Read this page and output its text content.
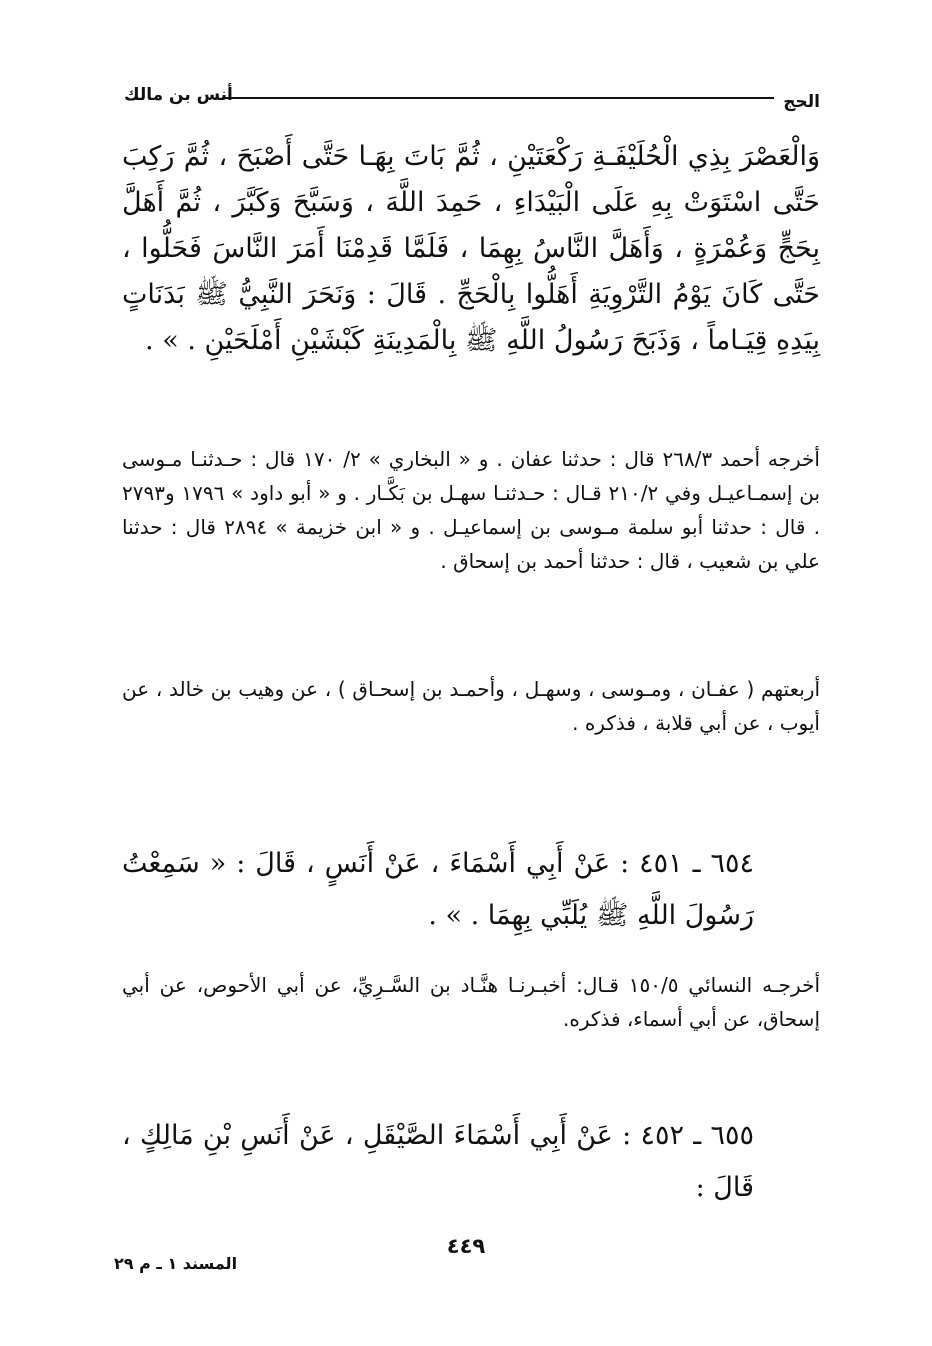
الحج
أنس بن مالك

وَالْعَصْرَ بِذِي الْحُلَيْفَـةِ رَكْعَتَيْنِ ، ثُمَّ بَاتَ بِهَـا حَتَّى أَصْبَحَ ، ثُمَّ رَكِبَ حَتَّى اسْتَوَتْ بِهِ عَلَى الْبَيْدَاءِ ، حَمِدَ اللَّهَ ، وَسَبَّحَ وَكَبَّرَ ، ثُمَّ أَهَلَّ بِحَجٍّ وَعُمْرَةٍ ، وَأَهَلَّ النَّاسُ بِهِمَا ، فَلَمَّا قَدِمْنَا أَمَرَ النَّاسَ فَحَلُّوا ، حَتَّى كَانَ يَوْمُ التَّرْوِيَةِ أَهَلُّوا بِالْحَجِّ . قَالَ : وَنَحَرَ النَّبِيُّ ﷺ بَدَنَاتٍ بِيَدِهِ قِيَـاماً ، وَذَبَحَ رَسُولُ اللَّهِ ﷺ بِالْمَدِينَةِ كَبْشَيْنِ أَمْلَحَيْنِ . » .

أخرجه أحمد ٢٦٨/٣ قال : حدثنا عفان . و « البخاري » ٢/ ١٧٠ قال : حـدثنـا مـوسى بن إسمـاعيـل وفي ٢١٠/٢ قـال : حـدثنـا سهـل بن بَكَّـار . و « أبو داود » ١٧٩٦ و٢٧٩٣ . قال : حدثنا أبو سلمة مـوسى بن إسماعيـل . و « ابن خزيمة » ٢٨٩٤ قال : حدثنا علي بن شعيب ، قال : حدثنا أحمد بن إسحاق .

أربعتهم ( عفـان ، ومـوسى ، وسهـل ، وأحمـد بن إسحـاق ) ، عن وهيب بن خالد ، عن أيوب ، عن أبي قلابة ، فذكره .

٦٥٤ ـ ٤٥١ : عَنْ أَبِي أَسْمَاءَ ، عَنْ أَنَسٍ ، قَالَ : « سَمِعْتُ رَسُولَ اللَّهِ ﷺ يُلَبِّي بِهِمَا . » .

أخرجـه النسائي ١٥٠/٥ قـال: أخبـرنـا هنَّـاد بن السَّـرِيِّ، عن أبي الأحوص، عن أبي إسحاق، عن أبي أسماء، فذكره.

٦٥٥ ـ ٤٥٢ : عَنْ أَبِي أَسْمَاءَ الصَّيْقَلِ ، عَنْ أَنَسِ بْنِ مَالِكٍ ، قَالَ :

٤٤٩
المسند ١ ـ م ٢٩
